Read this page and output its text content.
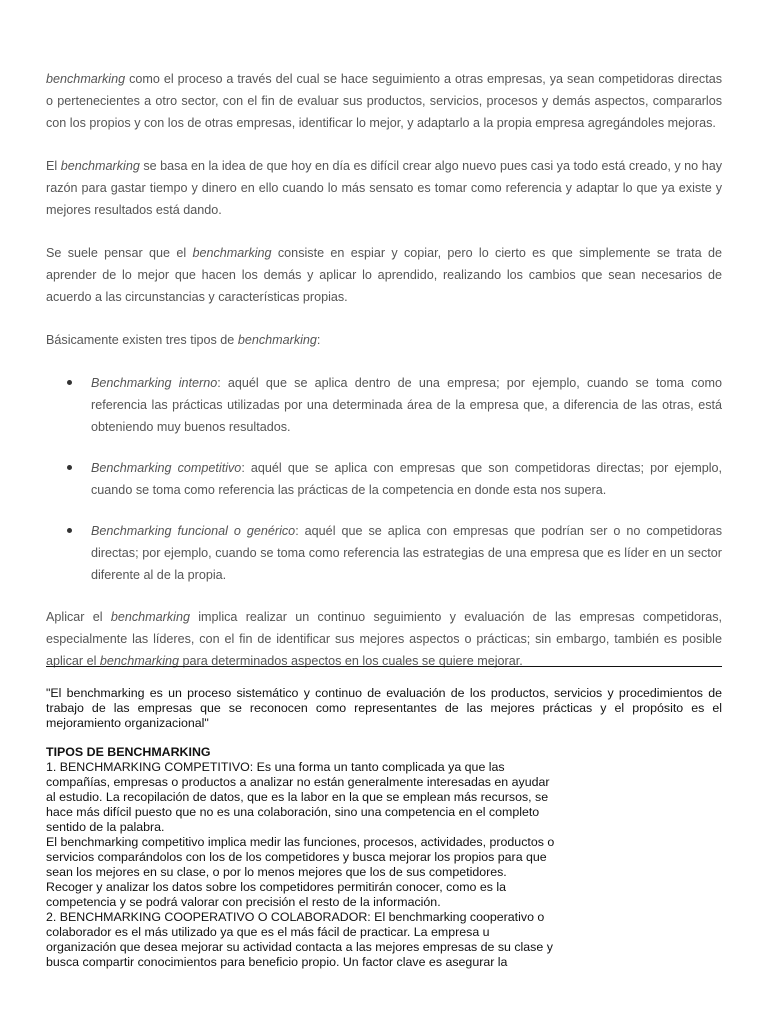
benchmarking como el proceso a través del cual se hace seguimiento a otras empresas, ya sean competidoras directas o pertenecientes a otro sector, con el fin de evaluar sus productos, servicios, procesos y demás aspectos, compararlos con los propios y con los de otras empresas, identificar lo mejor, y adaptarlo a la propia empresa agregándoles mejoras.

El benchmarking se basa en la idea de que hoy en día es difícil crear algo nuevo pues casi ya todo está creado, y no hay razón para gastar tiempo y dinero en ello cuando lo más sensato es tomar como referencia y adaptar lo que ya existe y mejores resultados está dando.

Se suele pensar que el benchmarking consiste en espiar y copiar, pero lo cierto es que simplemente se trata de aprender de lo mejor que hacen los demás y aplicar lo aprendido, realizando los cambios que sean necesarios de acuerdo a las circunstancias y características propias.

Básicamente existen tres tipos de benchmarking:

Benchmarking interno: aquél que se aplica dentro de una empresa; por ejemplo, cuando se toma como referencia las prácticas utilizadas por una determinada área de la empresa que, a diferencia de las otras, está obteniendo muy buenos resultados.
Benchmarking competitivo: aquél que se aplica con empresas que son competidoras directas; por ejemplo, cuando se toma como referencia las prácticas de la competencia en donde esta nos supera.
Benchmarking funcional o genérico: aquél que se aplica con empresas que podrían ser o no competidoras directas; por ejemplo, cuando se toma como referencia las estrategias de una empresa que es líder en un sector diferente al de la propia.

Aplicar el benchmarking implica realizar un continuo seguimiento y evaluación de las empresas competidoras, especialmente las líderes, con el fin de identificar sus mejores aspectos o prácticas; sin embargo, también es posible aplicar el benchmarking para determinados aspectos en los cuales se quiere mejorar.

"El benchmarking es un proceso sistemático y continuo de evaluación de los productos, servicios y procedimientos de trabajo de las empresas que se reconocen como representantes de las mejores prácticas y el propósito es el mejoramiento organizacional"

TIPOS DE BENCHMARKING

1. BENCHMARKING COMPETITIVO: Es una forma un tanto complicada ya que las compañías, empresas o productos a analizar no están generalmente interesadas en ayudar al estudio. La recopilación de datos, que es la labor en la que se emplean más recursos, se hace más difícil puesto que no es una colaboración, sino una competencia en el completo sentido de la palabra.

El benchmarking competitivo implica medir las funciones, procesos, actividades, productos o servicios comparándolos con los de los competidores y busca mejorar los propios para que sean los mejores en su clase, o por lo menos mejores que los de sus competidores. Recoger y analizar los datos sobre los competidores permitirán conocer, como es la competencia y se podrá valorar con precisión el resto de la información.

2. BENCHMARKING COOPERATIVO O COLABORADOR: El benchmarking cooperativo o colaborador es el más utilizado ya que es el más fácil de practicar. La empresa u organización que desea mejorar su actividad contacta a las mejores empresas de su clase y busca compartir conocimientos para beneficio propio. Un factor clave es asegurar la
